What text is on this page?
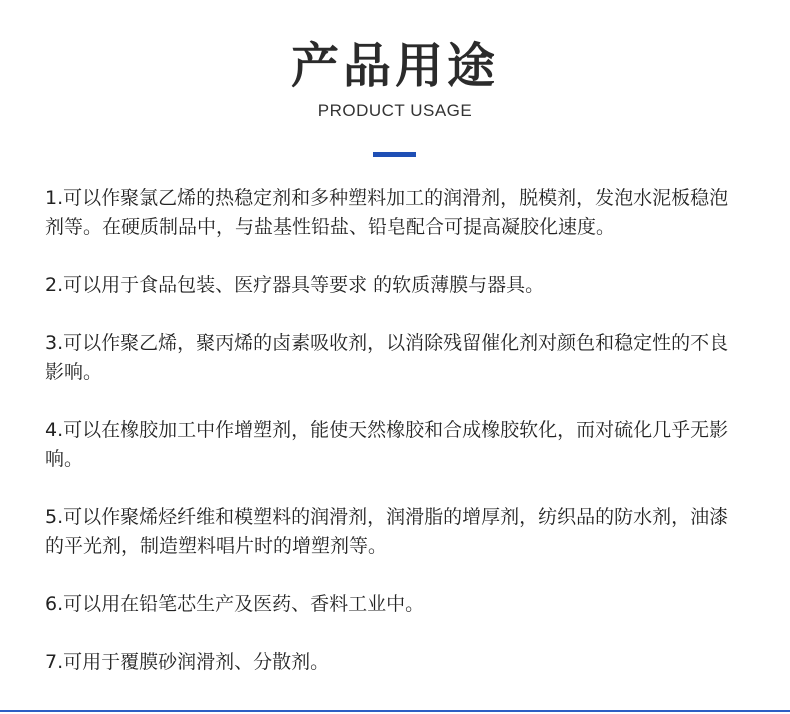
产品用途
PRODUCT USAGE
1.可以作聚氯乙烯的热稳定剂和多种塑料加工的润滑剂，脱模剂，发泡水泥板稳泡剂等。在硬质制品中，与盐基性铅盐、铅皂配合可提高凝胶化速度。
2.可以用于食品包装、医疗器具等要求 的软质薄膜与器具。
3.可以作聚乙烯，聚丙烯的卤素吸收剂，以消除残留催化剂对颜色和稳定性的不良影响。
4.可以在橡胶加工中作增塑剂，能使天然橡胶和合成橡胶软化，而对硫化几乎无影响。
5.可以作聚烯烃纤维和模塑料的润滑剂，润滑脂的增厚剂，纺织品的防水剂，油漆的平光剂，制造塑料唱片时的增塑剂等。
6.可以用在铅笔芯生产及医药、香料工业中。
7.可用于覆膜砂润滑剂、分散剂。
